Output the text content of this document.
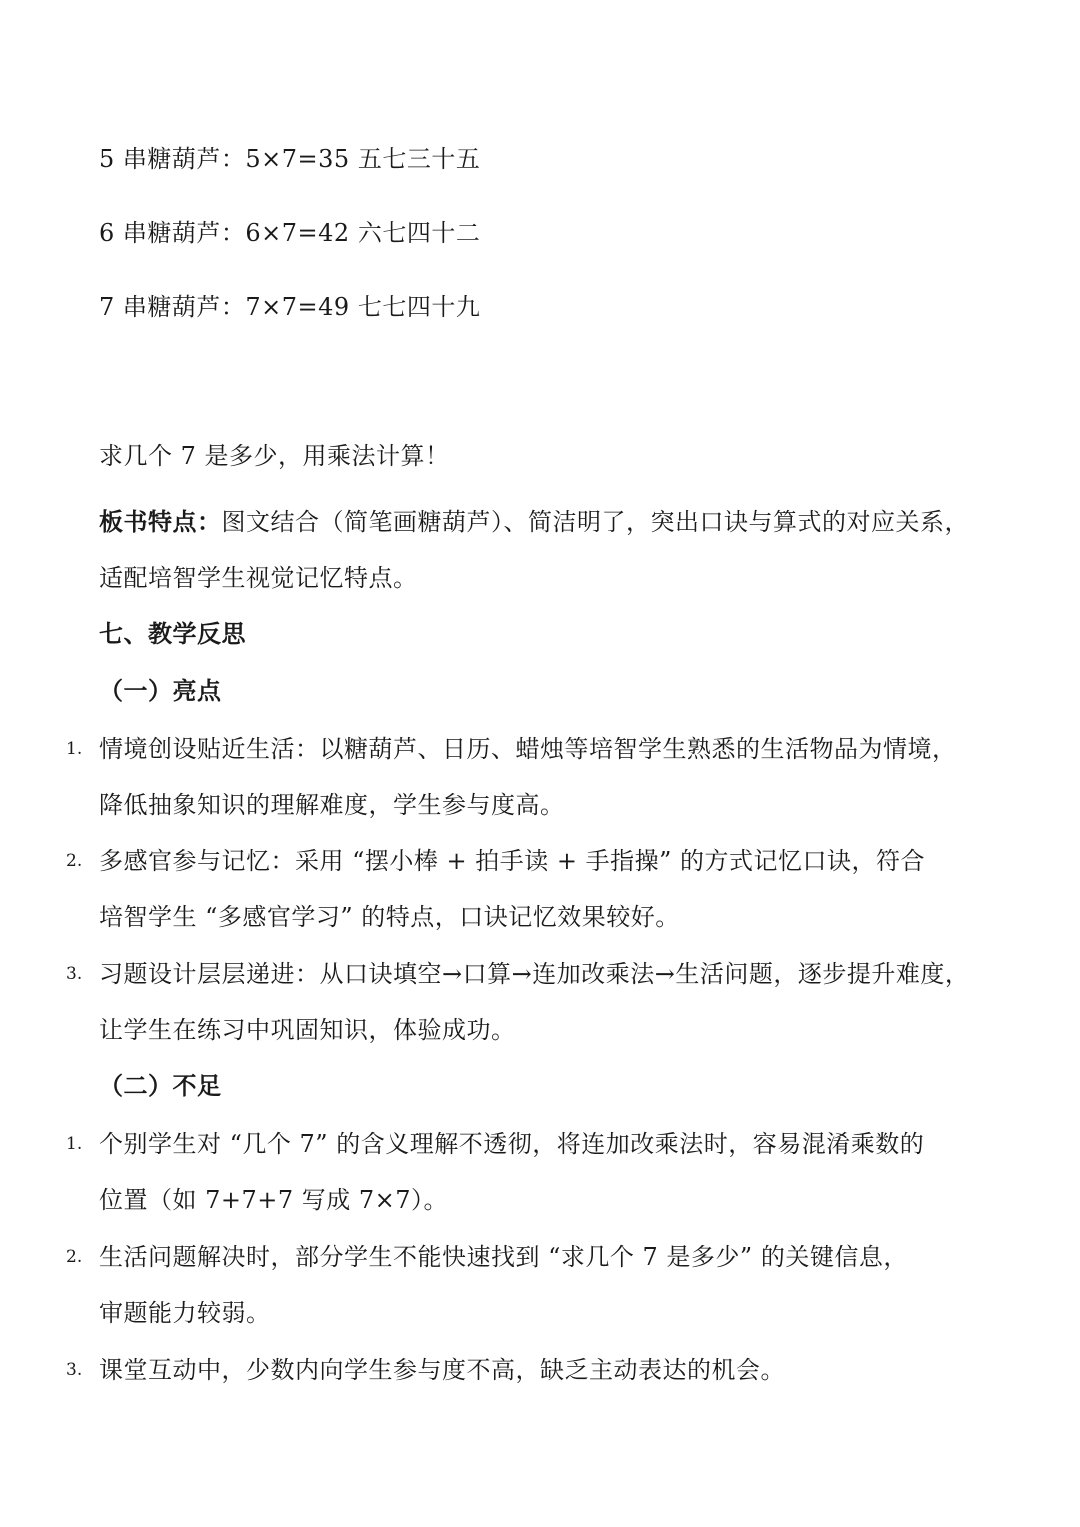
5 串糖葫芦：5×7=35 五七三十五
6 串糖葫芦：6×7=42 六七四十二
7 串糖葫芦：7×7=49 七七四十九
求几个 7 是多少，用乘法计算！
板书特点：图文结合（简笔画糖葫芦）、简洁明了，突出口诀与算式的对应关系，
适配培智学生视觉记忆特点。
七、教学反思
（一）亮点
1. 情境创设贴近生活：以糖葫芦、日历、蜡烛等培智学生熟悉的生活物品为情境，
降低抽象知识的理解难度，学生参与度高。
2. 多感官参与记忆：采用 “摆小棒 + 拍手读 + 手指操” 的方式记忆口诀，符合
培智学生 “多感官学习” 的特点，口诀记忆效果较好。
3. 习题设计层层递进：从口诀填空→口算→连加改乘法→生活问题，逐步提升难度，
让学生在练习中巩固知识，体验成功。
（二）不足
1. 个别学生对 “几个 7” 的含义理解不透彻，将连加改乘法时，容易混淆乘数的
位置（如 7+7+7 写成 7×7）。
2. 生活问题解决时，部分学生不能快速找到 “求几个 7 是多少” 的关键信息，
审题能力较弱。
3. 课堂互动中，少数内向学生参与度不高，缺乏主动表达的机会。
